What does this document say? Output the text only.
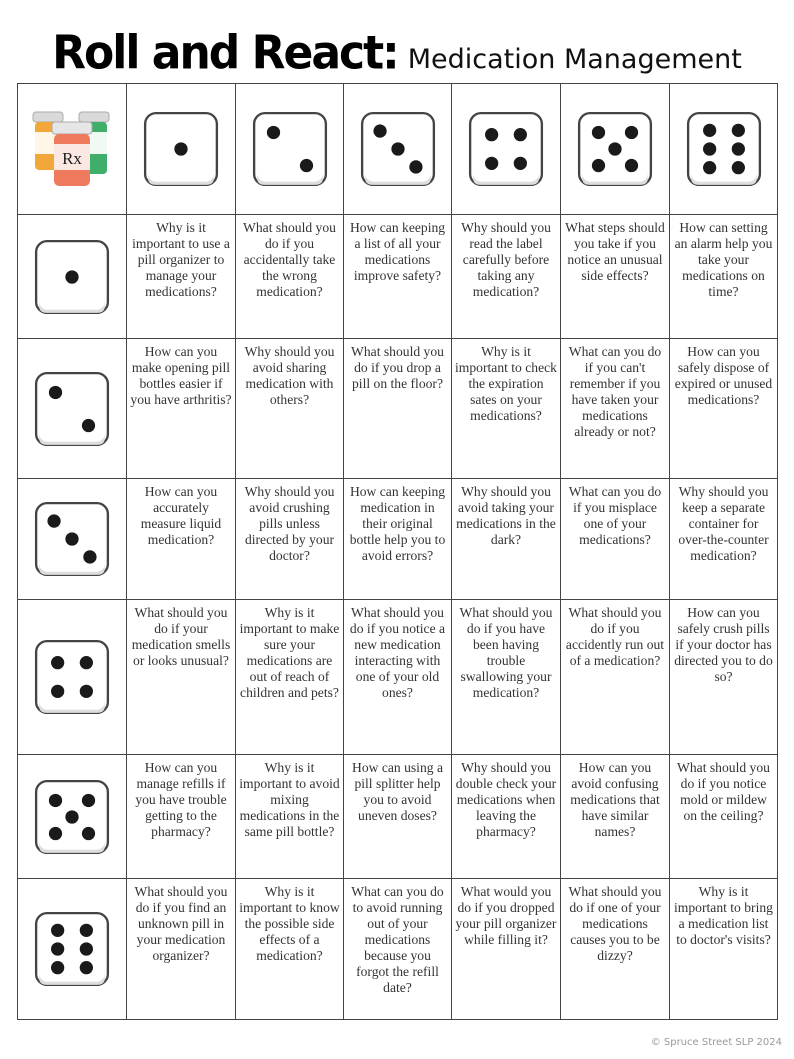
Roll and React: Medication Management
Rx

Why is it important to use a pill organizer to manage your medications?	What should you do if you accidentally take the wrong medication?	How can keeping a list of all your medications improve safety?	Why should you read the label carefully before taking any medication?	What steps should you take if you notice an unusual side effects?	How can setting an alarm help you take your medications on time?

How can you make opening pill bottles easier if you have arthritis?	Why should you avoid sharing medication with others?	What should you do if you drop a pill on the floor?	Why is it important to check the expiration sates on your medications?	What can you do if you can't remember if you have taken your medications already or not?	How can you safely dispose of expired or unused medications?

How can you accurately measure liquid medication?	Why should you avoid crushing pills unless directed by your doctor?	How can keeping medication in their original bottle help you to avoid errors?	Why should you avoid taking your medications in the dark?	What can you do if you misplace one of your medications?	Why should you keep a separate container for over-the-counter medication?

What should you do if your medication smells or looks unusual?	Why is it important to make sure your medications are out of reach of children and pets?	What should you do if you notice a new medication interacting with one of your old ones?	What should you do if you have been having trouble swallowing your medication?	What should you do if you accidently run out of a medication?	How can you safely crush pills if your doctor has directed you to do so?

How can you manage refills if you have trouble getting to the pharmacy?	Why is it important to avoid mixing medications in the same pill bottle?	How can using a pill splitter help you to avoid uneven doses?	Why should you double check your medications when leaving the pharmacy?	How can you avoid confusing medications that have similar names?	What should you do if you notice mold or mildew on the ceiling?

What should you do if you find an unknown pill in your medication organizer?	Why is it important to know the possible side effects of a medication?	What can you do to avoid running out of your medications because you forgot the refill date?	What would you do if you dropped your pill organizer while filling it?	What should you do if one of your medications causes you to be dizzy?	Why is it important to bring a medication list to doctor's visits?
© Spruce Street SLP 2024
